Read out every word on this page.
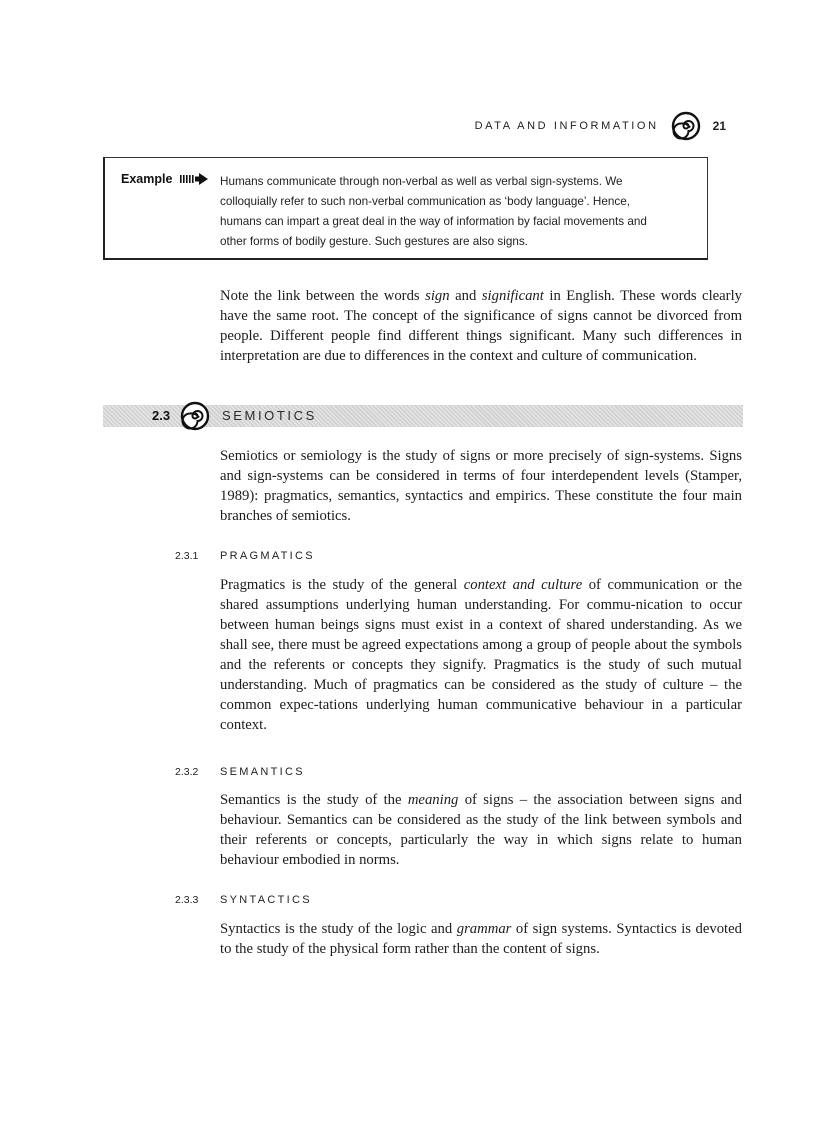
DATA AND INFORMATION	21
Example	Humans communicate through non-verbal as well as verbal sign-systems. We
colloquially refer to such non-verbal communication as ‘body language’. Hence,
humans can impart a great deal in the way of information by facial movements and
other forms of bodily gesture. Such gestures are also signs.

Note the link between the words sign and significant in English. These words clearly have the same root. The concept of the significance of signs cannot be divorced from people. Different people find different things significant. Many such differences in interpretation are due to differences in the context and culture of communication.

2.3	SEMIOTICS

Semiotics or semiology is the study of signs or more precisely of sign-systems. Signs and sign-systems can be considered in terms of four interdependent levels (Stamper, 1989): pragmatics, semantics, syntactics and empirics. These constitute the four main branches of semiotics.

2.3.1 PRAGMATICS

Pragmatics is the study of the general context and culture of communication or the shared assumptions underlying human understanding. For commu-nication to occur between human beings signs must exist in a context of shared understanding. As we shall see, there must be agreed expectations among a group of people about the symbols and the referents or concepts they signify. Pragmatics is the study of such mutual understanding. Much of pragmatics can be considered as the study of culture – the common expec-tations underlying human communicative behaviour in a particular context.

2.3.2 SEMANTICS

Semantics is the study of the meaning of signs – the association between signs and behaviour. Semantics can be considered as the study of the link between symbols and their referents or concepts, particularly the way in which signs relate to human behaviour embodied in norms.

2.3.3 SYNTACTICS

Syntactics is the study of the logic and grammar of sign systems. Syntactics is devoted to the study of the physical form rather than the content of signs.
